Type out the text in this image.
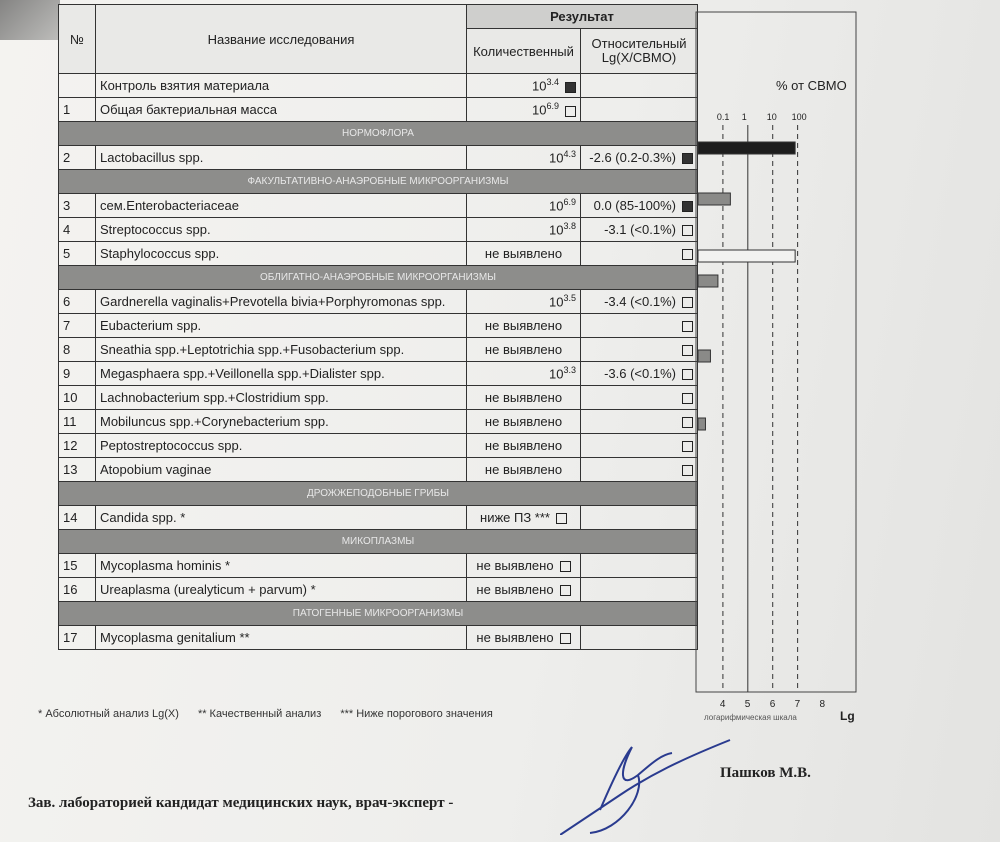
№	Название исследования	Результат	
		Количественный	Относительный
Lg(X/СВМО)
	Контроль взятия материала	$10^{3.4}$	
1	Общая бактериальная масса	$10^{6.9}$	
НОРМОФЛОРА			
2	Lactobacillus spp.	$10^{4.3}$	-2.6 (0.2-0.3%)
ФАКУЛЬТАТИВНО-АНАЭРОБНЫЕ МИКРООРГАНИЗМЫ			
3	сем.Enterobacteriaceae	$10^{6.9}$	0.0 (85-100%)
4	Streptococcus spp.	$10^{3.8}$	-3.1 (<0.1%)
5	Staphylococcus spp.	не выявлено	
ОБЛИГАТНО-АНАЭРОБНЫЕ МИКРООРГАНИЗМЫ			
6	Gardnerella vaginalis+Prevotella bivia+Porphyromonas spp.	$10^{3.5}$	-3.4 (<0.1%)
7	Eubacterium spp.	не выявлено	
8	Sneathia spp.+Leptotrichia spp.+Fusobacterium spp.	не выявлено	
9	Megasphaera spp.+Veillonella spp.+Dialister spp.	$10^{3.3}$	-3.6 (<0.1%)
10	Lachnobacterium spp.+Clostridium spp.	не выявлено	
11	Mobiluncus spp.+Corynebacterium spp.	не выявлено	
12	Peptostreptococcus spp.	не выявлено	
13	Atopobium vaginae	не выявлено	
ДРОЖЖЕПОДОБНЫЕ ГРИБЫ			
14	Candida spp. *	ниже ПЗ ***	
МИКОПЛАЗМЫ			
15	Mycoplasma hominis *	не выявлено	
16	Ureaplasma (urealyticum + parvum) *	не выявлено	
ПАТОГЕННЫЕ МИКРООРГАНИЗМЫ			
17	Mycoplasma genitalium **	не выявлено	
% от СВМО
0.1 1 10 100
4 5 6 7 8
логарифмическая шкала	Lg
* Абсолютный анализ Lg(X) ** Качественный анализ *** Ниже порогового значения
Зав. лабораторией кандидат медицинских наук, врач-эксперт -
Пашков М.В.
